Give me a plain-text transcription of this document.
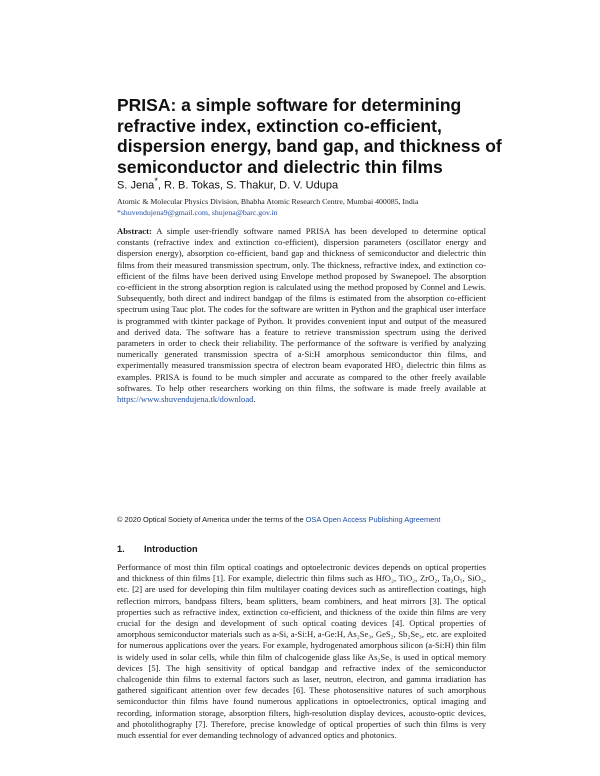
PRISA: a simple software for determining refractive index, extinction co-efficient, dispersion energy, band gap, and thickness of semiconductor and dielectric thin films
S. Jena*, R. B. Tokas, S. Thakur, D. V. Udupa
Atomic & Molecular Physics Division, Bhabha Atomic Research Centre, Mumbai 400085, India
*shuvendujena9@gmail.com, shujena@barc.gov.in
Abstract: A simple user-friendly software named PRISA has been developed to determine optical constants (refractive index and extinction co-efficient), dispersion parameters (oscillator energy and dispersion energy), absorption co-efficient, band gap and thickness of semiconductor and dielectric thin films from their measured transmission spectrum, only. The thickness, refractive index, and extinction co-efficient of the films have been derived using Envelope method proposed by Swanepoel. The absorption co-efficient in the strong absorption region is calculated using the method proposed by Connel and Lewis. Subsequently, both direct and indirect bandgap of the films is estimated from the absorption co-efficient spectrum using Tauc plot. The codes for the software are written in Python and the graphical user interface is programmed with tkinter package of Python. It provides convenient input and output of the measured and derived data. The software has a feature to retrieve transmission spectrum using the derived parameters in order to check their reliability. The performance of the software is verified by analyzing numerically generated transmission spectra of a-Si:H amorphous semiconductor thin films, and experimentally measured transmission spectra of electron beam evaporated HfO₂ dielectric thin films as examples. PRISA is found to be much simpler and accurate as compared to the other freely available softwares. To help other researchers working on thin films, the software is made freely available at https://www.shuvendujena.tk/download.
© 2020 Optical Society of America under the terms of the OSA Open Access Publishing Agreement
1. Introduction
Performance of most thin film optical coatings and optoelectronic devices depends on optical properties and thickness of thin films [1]. For example, dielectric thin films such as HfO₂, TiO₂, ZrO₂, Ta₂O₅, SiO₂, etc. [2] are used for developing thin film multilayer coating devices such as antireflection coatings, high reflection mirrors, bandpass filters, beam splitters, beam combiners, and heat mirrors [3]. The optical properties such as refractive index, extinction co-efficient, and thickness of the oxide thin films are very crucial for the design and development of such optical coating devices [4]. Optical properties of amorphous semiconductor materials such as a-Si, a-Si:H, a-Ge:H, As₂Se₃, GeS₂, Sb₂Se₃, etc. are exploited for numerous applications over the years. For example, hydrogenated amorphous silicon (a-Si:H) thin film is widely used in solar cells, while thin film of chalcogenide glass like As₂Se₃ is used in optical memory devices [5]. The high sensitivity of optical bandgap and refractive index of the semiconductor chalcogenide thin films to external factors such as laser, neutron, electron, and gamma irradiation has gathered significant attention over few decades [6]. These photosensitive natures of such amorphous semiconductor thin films have found numerous applications in optoelectronics, optical imaging and recording, information storage, absorption filters, high-resolution display devices, acousto-optic devices, and photolithography [7]. Therefore, precise knowledge of optical properties of such thin films is very much essential for ever demanding technology of advanced optics and photonics.
